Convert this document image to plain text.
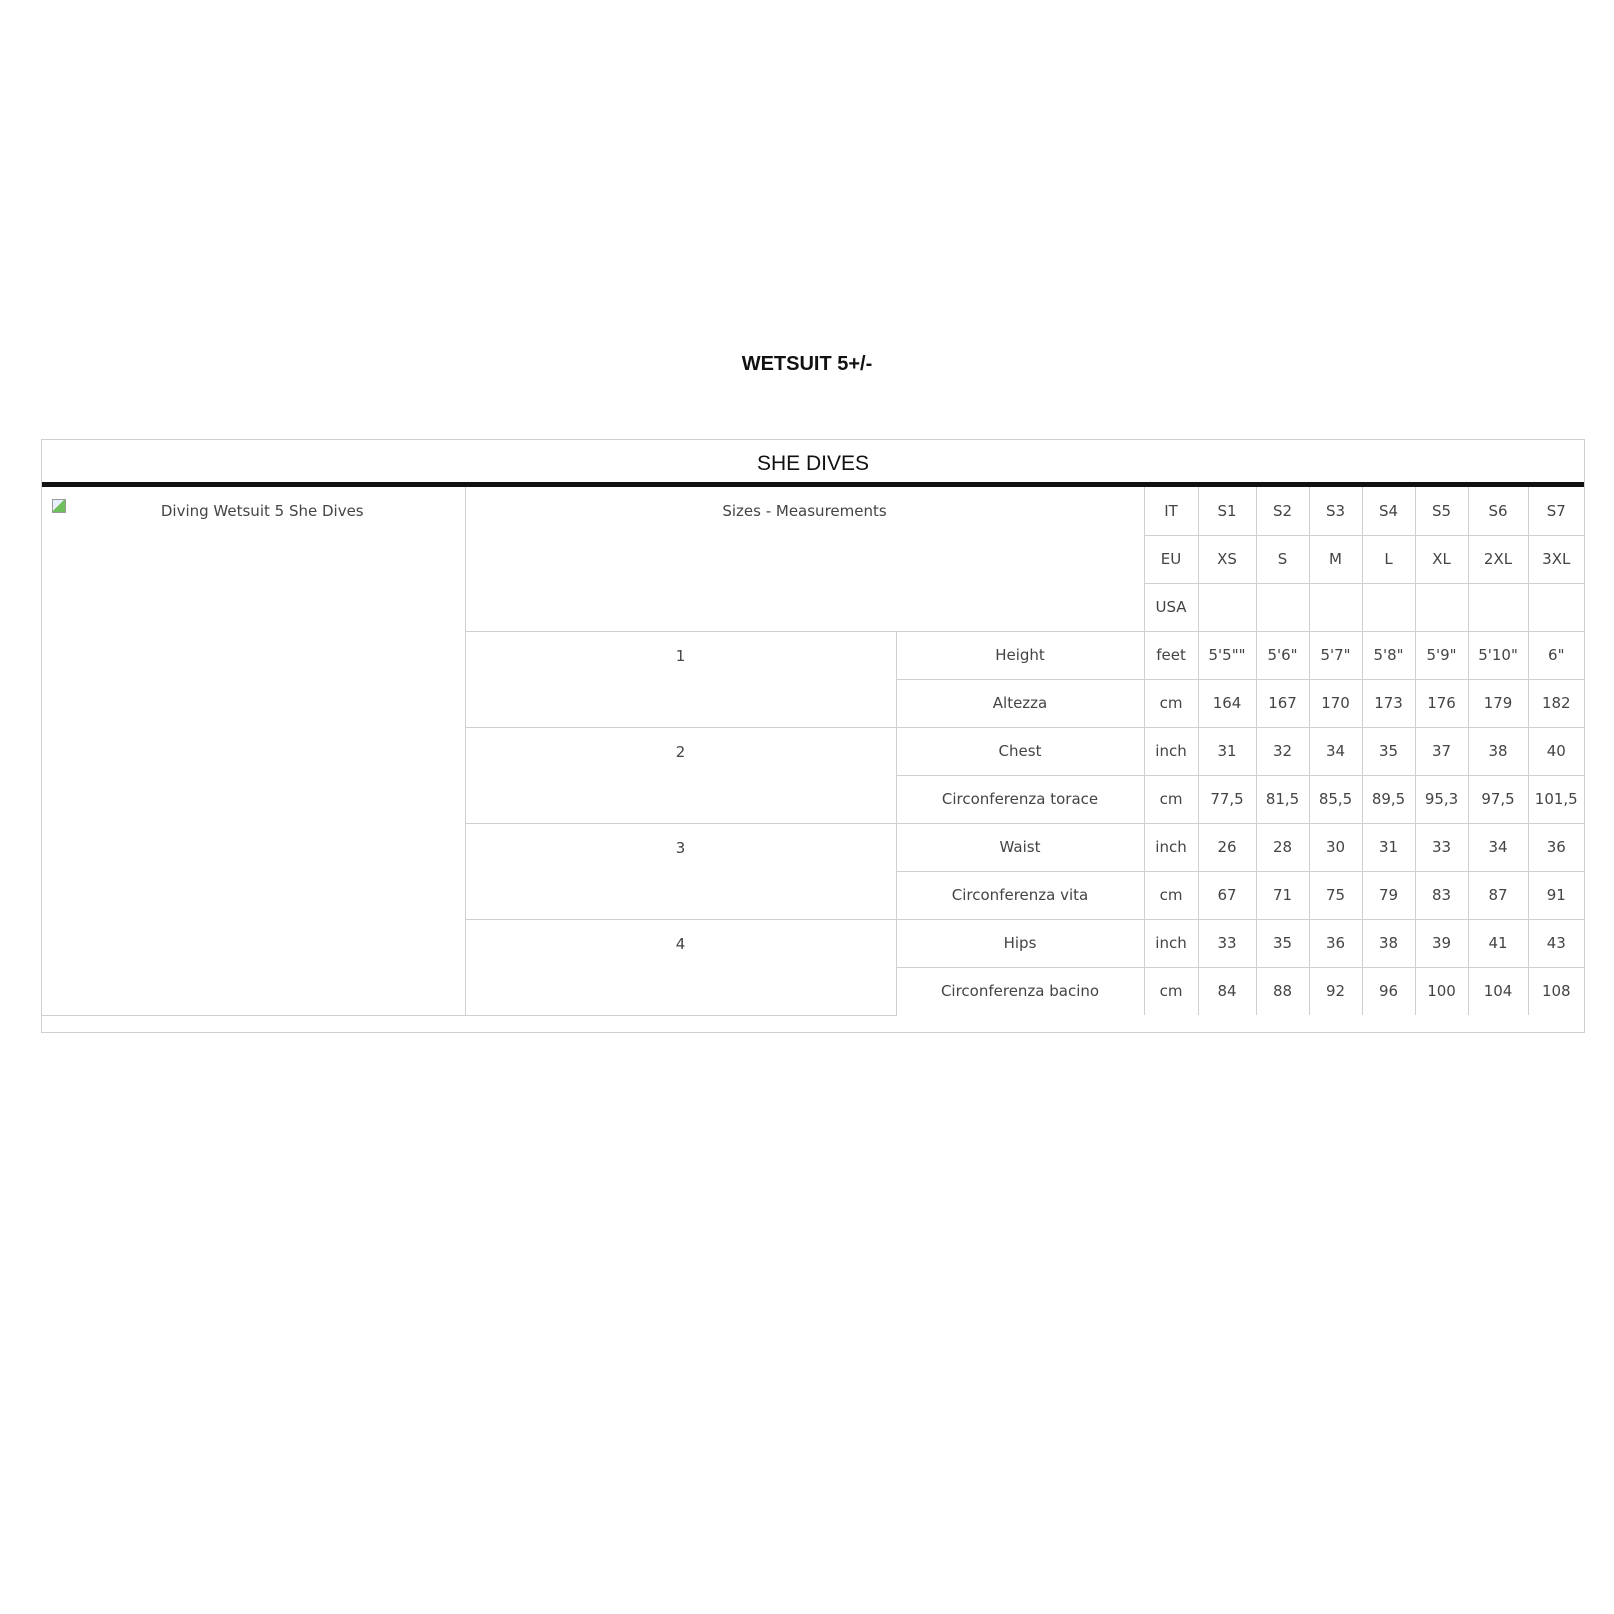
WETSUIT 5+/-
SHE DIVES
Diving Wetsuit 5 She Dives	Sizes - Measurements		IT	S1	S2	S3	S4	S5	S6	S7
			EU	XS	S	M	L	XL	2XL	3XL
			USA							
	1	Height	feet	5'5""	5'6"	5'7"	5'8"	5'9"	5'10"	6"
		Altezza	cm	164	167	170	173	176	179	182
	2	Chest	inch	31	32	34	35	37	38	40
		Circonferenza torace	cm	77,5	81,5	85,5	89,5	95,3	97,5	101,5
	3	Waist	inch	26	28	30	31	33	34	36
		Circonferenza vita	cm	67	71	75	79	83	87	91
	4	Hips	inch	33	35	36	38	39	41	43
		Circonferenza bacino	cm	84	88	92	96	100	104	108
